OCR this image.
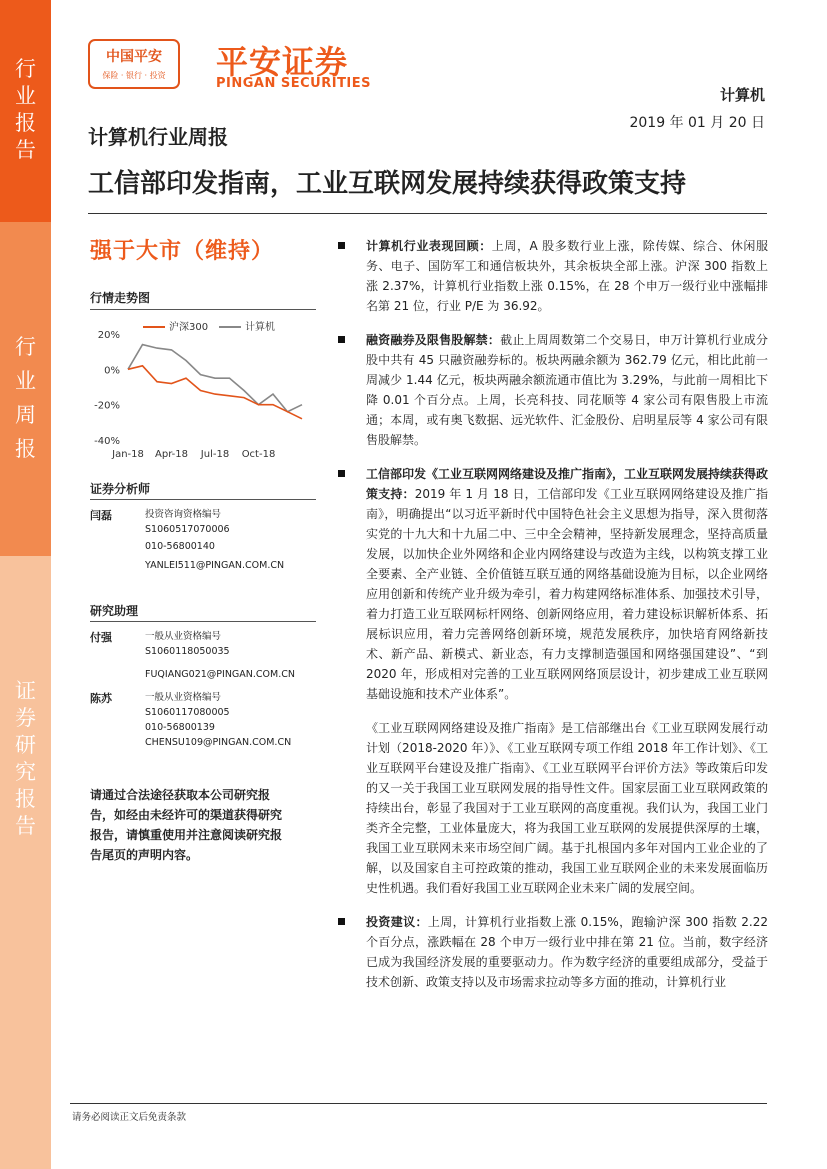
行
业
报
告
行
业
周
报
证
券
研
究
报
告
中国平安
保险 · 银行 · 投资	平安证券
PINGAN SECURITIES
计算机
2019 年 01 月 20 日
计算机行业周报
工信部印发指南，工业互联网发展持续获得政策支持
强于大市（维持）
行情走势图
20%
0%
-20%
-40%
Jan-18 Apr-18 Jul-18 Oct-18
沪深300	计算机
证券分析师
闫磊	投资咨询资格编号
S1060517070006
010-56800140
YANLEI511@PINGAN.COM.CN
研究助理
付强	一般从业资格编号
S1060118050035
FUQIANG021@PINGAN.COM.CN
陈苏	一般从业资格编号
S1060117080005
010-56800139
CHENSU109@PINGAN.COM.CN
请通过合法途径获取本公司研究报告，如经由未经许可的渠道获得研究报告，请慎重使用并注意阅读研究报告尾页的声明内容。

计算机行业表现回顾：上周，A 股多数行业上涨，除传媒、综合、休闲服务、电子、国防军工和通信板块外，其余板块全部上涨。沪深 300 指数上涨 2.37%，计算机行业指数上涨 0.15%，在 28 个申万一级行业中涨幅排名第 21 位，行业 P/E 为 36.92。

融资融券及限售股解禁：截止上周周数第二个交易日，申万计算机行业成分股中共有 45 只融资融券标的。板块两融余额为 362.79 亿元，相比此前一周减少 1.44 亿元，板块两融余额流通市值比为 3.29%，与此前一周相比下降 0.01 个百分点。上周，长亮科技、同花顺等 4 家公司有限售股上市流通；本周，或有奥飞数据、远光软件、汇金股份、启明星辰等 4 家公司有限售股解禁。

工信部印发《工业互联网网络建设及推广指南》，工业互联网发展持续获得政策支持：2019 年 1 月 18 日，工信部印发《工业互联网网络建设及推广指南》，明确提出“以习近平新时代中国特色社会主义思想为指导，深入贯彻落实党的十九大和十九届二中、三中全会精神，坚持新发展理念，坚持高质量发展，以加快企业外网络和企业内网络建设与改造为主线，以构筑支撑工业全要素、全产业链、全价值链互联互通的网络基础设施为目标，以企业网络应用创新和传统产业升级为牵引，着力构建网络标准体系、加强技术引导，着力打造工业互联网标杆网络、创新网络应用，着力建设标识解析体系、拓展标识应用，着力完善网络创新环境，规范发展秩序，加快培育网络新技术、新产品、新模式、新业态，有力支撑制造强国和网络强国建设”、“到 2020 年，形成相对完善的工业互联网网络顶层设计，初步建成工业互联网基础设施和技术产业体系”。

《工业互联网网络建设及推广指南》是工信部继出台《工业互联网发展行动计划（2018-2020 年）》、《工业互联网专项工作组 2018 年工作计划》、《工业互联网平台建设及推广指南》、《工业互联网平台评价方法》等政策后印发的又一关于我国工业互联网发展的指导性文件。国家层面工业互联网政策的持续出台，彰显了我国对于工业互联网的高度重视。我们认为，我国工业门类齐全完整，工业体量庞大，将为我国工业互联网的发展提供深厚的土壤，我国工业互联网未来市场空间广阔。基于扎根国内多年对国内工业企业的了解，以及国家自主可控政策的推动，我国工业互联网企业的未来发展面临历史性机遇。我们看好我国工业互联网企业未来广阔的发展空间。

投资建议：上周，计算机行业指数上涨 0.15%，跑输沪深 300 指数 2.22 个百分点，涨跌幅在 28 个申万一级行业中排在第 21 位。当前，数字经济已成为我国经济发展的重要驱动力。作为数字经济的重要组成部分，受益于技术创新、政策支持以及市场需求拉动等多方面的推动，计算机行业

请务必阅读正文后免责条款
